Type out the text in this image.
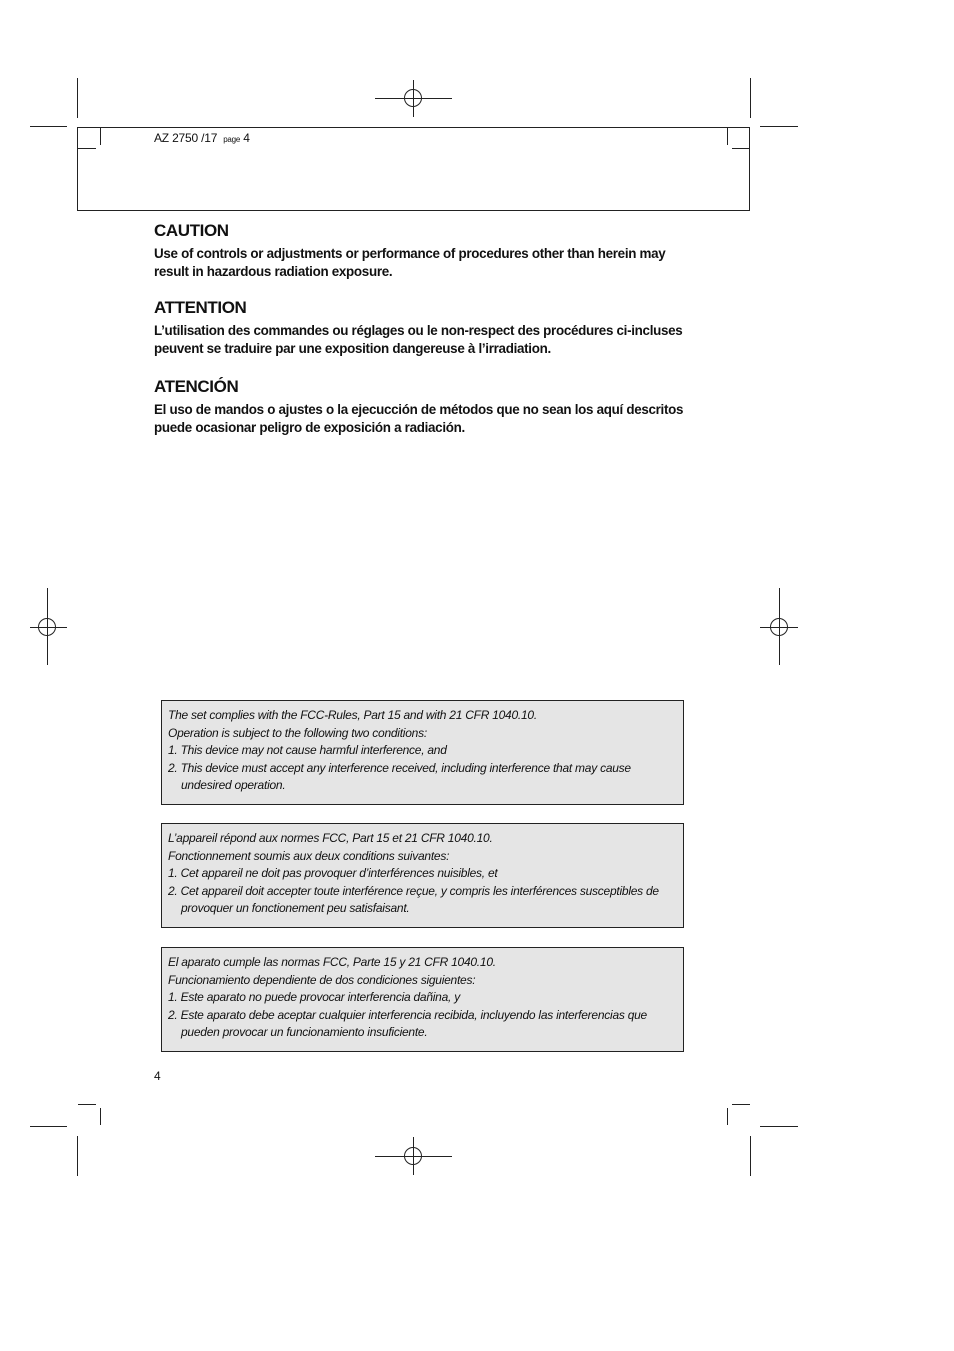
AZ 2750 /17 page 4
CAUTION

Use of controls or adjustments or performance of procedures other than herein may result in hazardous radiation exposure.

ATTENTION

L’utilisation des commandes ou réglages ou le non-respect des procédures ci-incluses peuvent se traduire par une exposition dangereuse à l’irradiation.

ATENCIÓN

El uso de mandos o ajustes o la ejecucción de métodos que no sean los aquí descritos puede ocasionar peligro de exposición a radiación.

The set complies with the FCC-Rules, Part 15 and with 21 CFR 1040.10.
Operation is subject to the following two conditions:
1. This device may not cause harmful interference, and
2. This device must accept any interference received, including interference that may cause undesired operation.
L’appareil répond aux normes FCC, Part 15 et 21 CFR 1040.10.
Fonctionnement soumis aux deux conditions suivantes:
1. Cet appareil ne doit pas provoquer d’interférences nuisibles, et
2. Cet appareil doit accepter toute interférence reçue, y compris les interférences susceptibles de provoquer un fonctionement peu satisfaisant.
El aparato cumple las normas FCC, Parte 15 y 21 CFR 1040.10.
Funcionamiento dependiente de dos condiciones siguientes:
1. Este aparato no puede provocar interferencia dañina, y
2. Este aparato debe aceptar cualquier interferencia recibida, incluyendo las interferencias que pueden provocar un funcionamiento insuficiente.
4
